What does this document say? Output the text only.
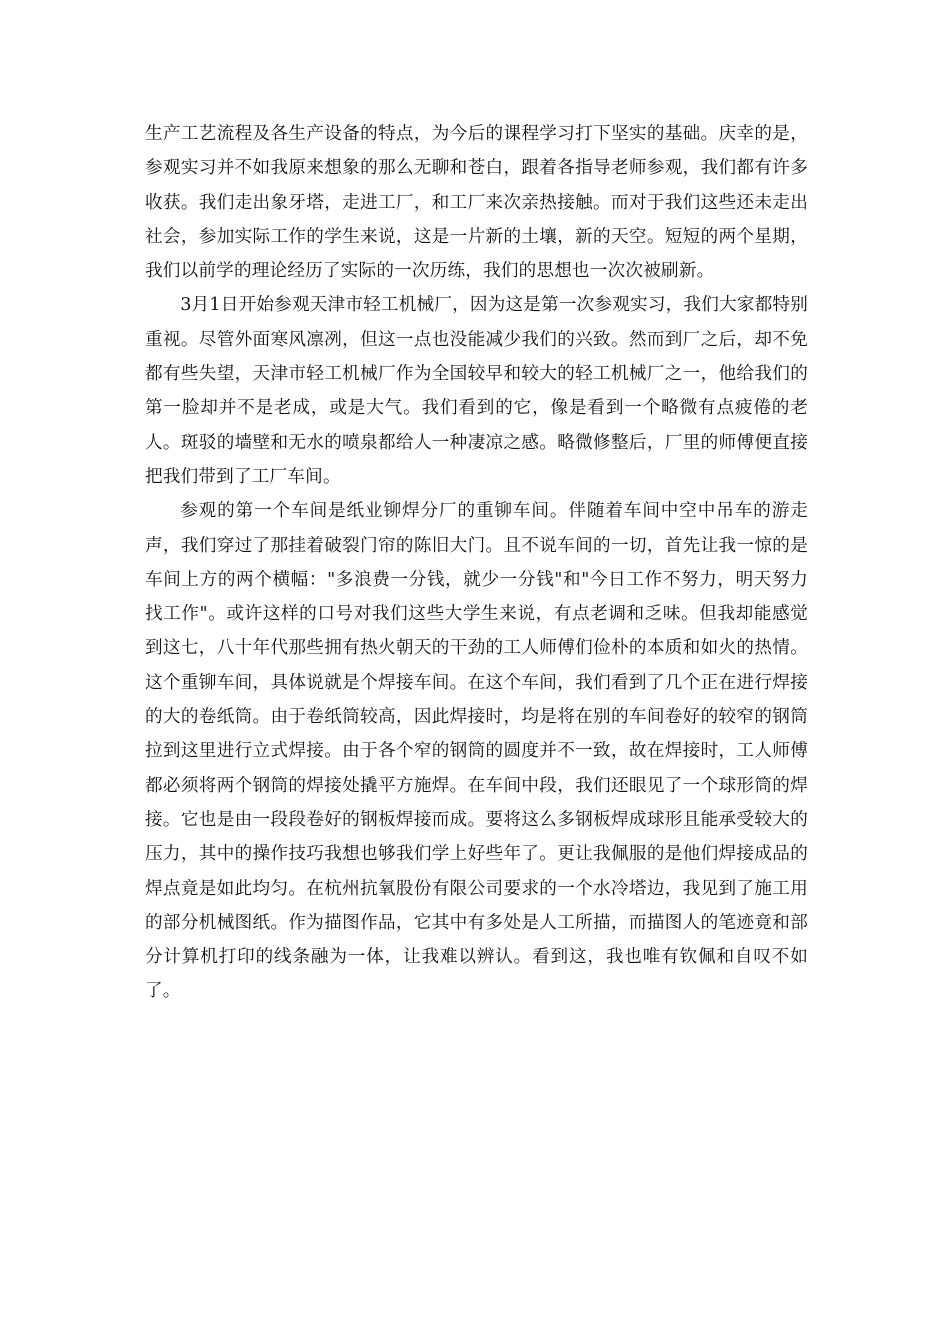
生产工艺流程及各生产设备的特点，为今后的课程学习打下坚实的基础。庆幸的是，参观实习并不如我原来想象的那么无聊和苍白，跟着各指导老师参观，我们都有许多收获。我们走出象牙塔，走进工厂，和工厂来次亲热接触。而对于我们这些还未走出社会，参加实际工作的学生来说，这是一片新的土壤，新的天空。短短的两个星期，我们以前学的理论经历了实际的一次历练，我们的思想也一次次被刷新。

3月1日开始参观天津市轻工机械厂，因为这是第一次参观实习，我们大家都特别重视。尽管外面寒风凛冽，但这一点也没能减少我们的兴致。然而到厂之后，却不免都有些失望，天津市轻工机械厂作为全国较早和较大的轻工机械厂之一，他给我们的第一脸却并不是老成，或是大气。我们看到的它，像是看到一个略微有点疲倦的老人。斑驳的墙壁和无水的喷泉都给人一种凄凉之感。略微修整后，厂里的师傅便直接把我们带到了工厂车间。

参观的第一个车间是纸业铆焊分厂的重铆车间。伴随着车间中空中吊车的游走声，我们穿过了那挂着破裂门帘的陈旧大门。且不说车间的一切，首先让我一惊的是车间上方的两个横幅："多浪费一分钱，就少一分钱"和"今日工作不努力，明天努力找工作"。或许这样的口号对我们这些大学生来说，有点老调和乏味。但我却能感觉到这七，八十年代那些拥有热火朝天的干劲的工人师傅们俭朴的本质和如火的热情。这个重铆车间，具体说就是个焊接车间。在这个车间，我们看到了几个正在进行焊接的大的卷纸筒。由于卷纸筒较高，因此焊接时，均是将在别的车间卷好的较窄的钢筒拉到这里进行立式焊接。由于各个窄的钢筒的圆度并不一致，故在焊接时，工人师傅都必须将两个钢筒的焊接处撬平方施焊。在车间中段，我们还眼见了一个球形筒的焊接。它也是由一段段卷好的钢板焊接而成。要将这么多钢板焊成球形且能承受较大的压力，其中的操作技巧我想也够我们学上好些年了。更让我佩服的是他们焊接成品的焊点竟是如此均匀。在杭州抗氧股份有限公司要求的一个水冷塔边，我见到了施工用的部分机械图纸。作为描图作品，它其中有多处是人工所描，而描图人的笔迹竟和部分计算机打印的线条融为一体，让我难以辨认。看到这，我也唯有钦佩和自叹不如了。
